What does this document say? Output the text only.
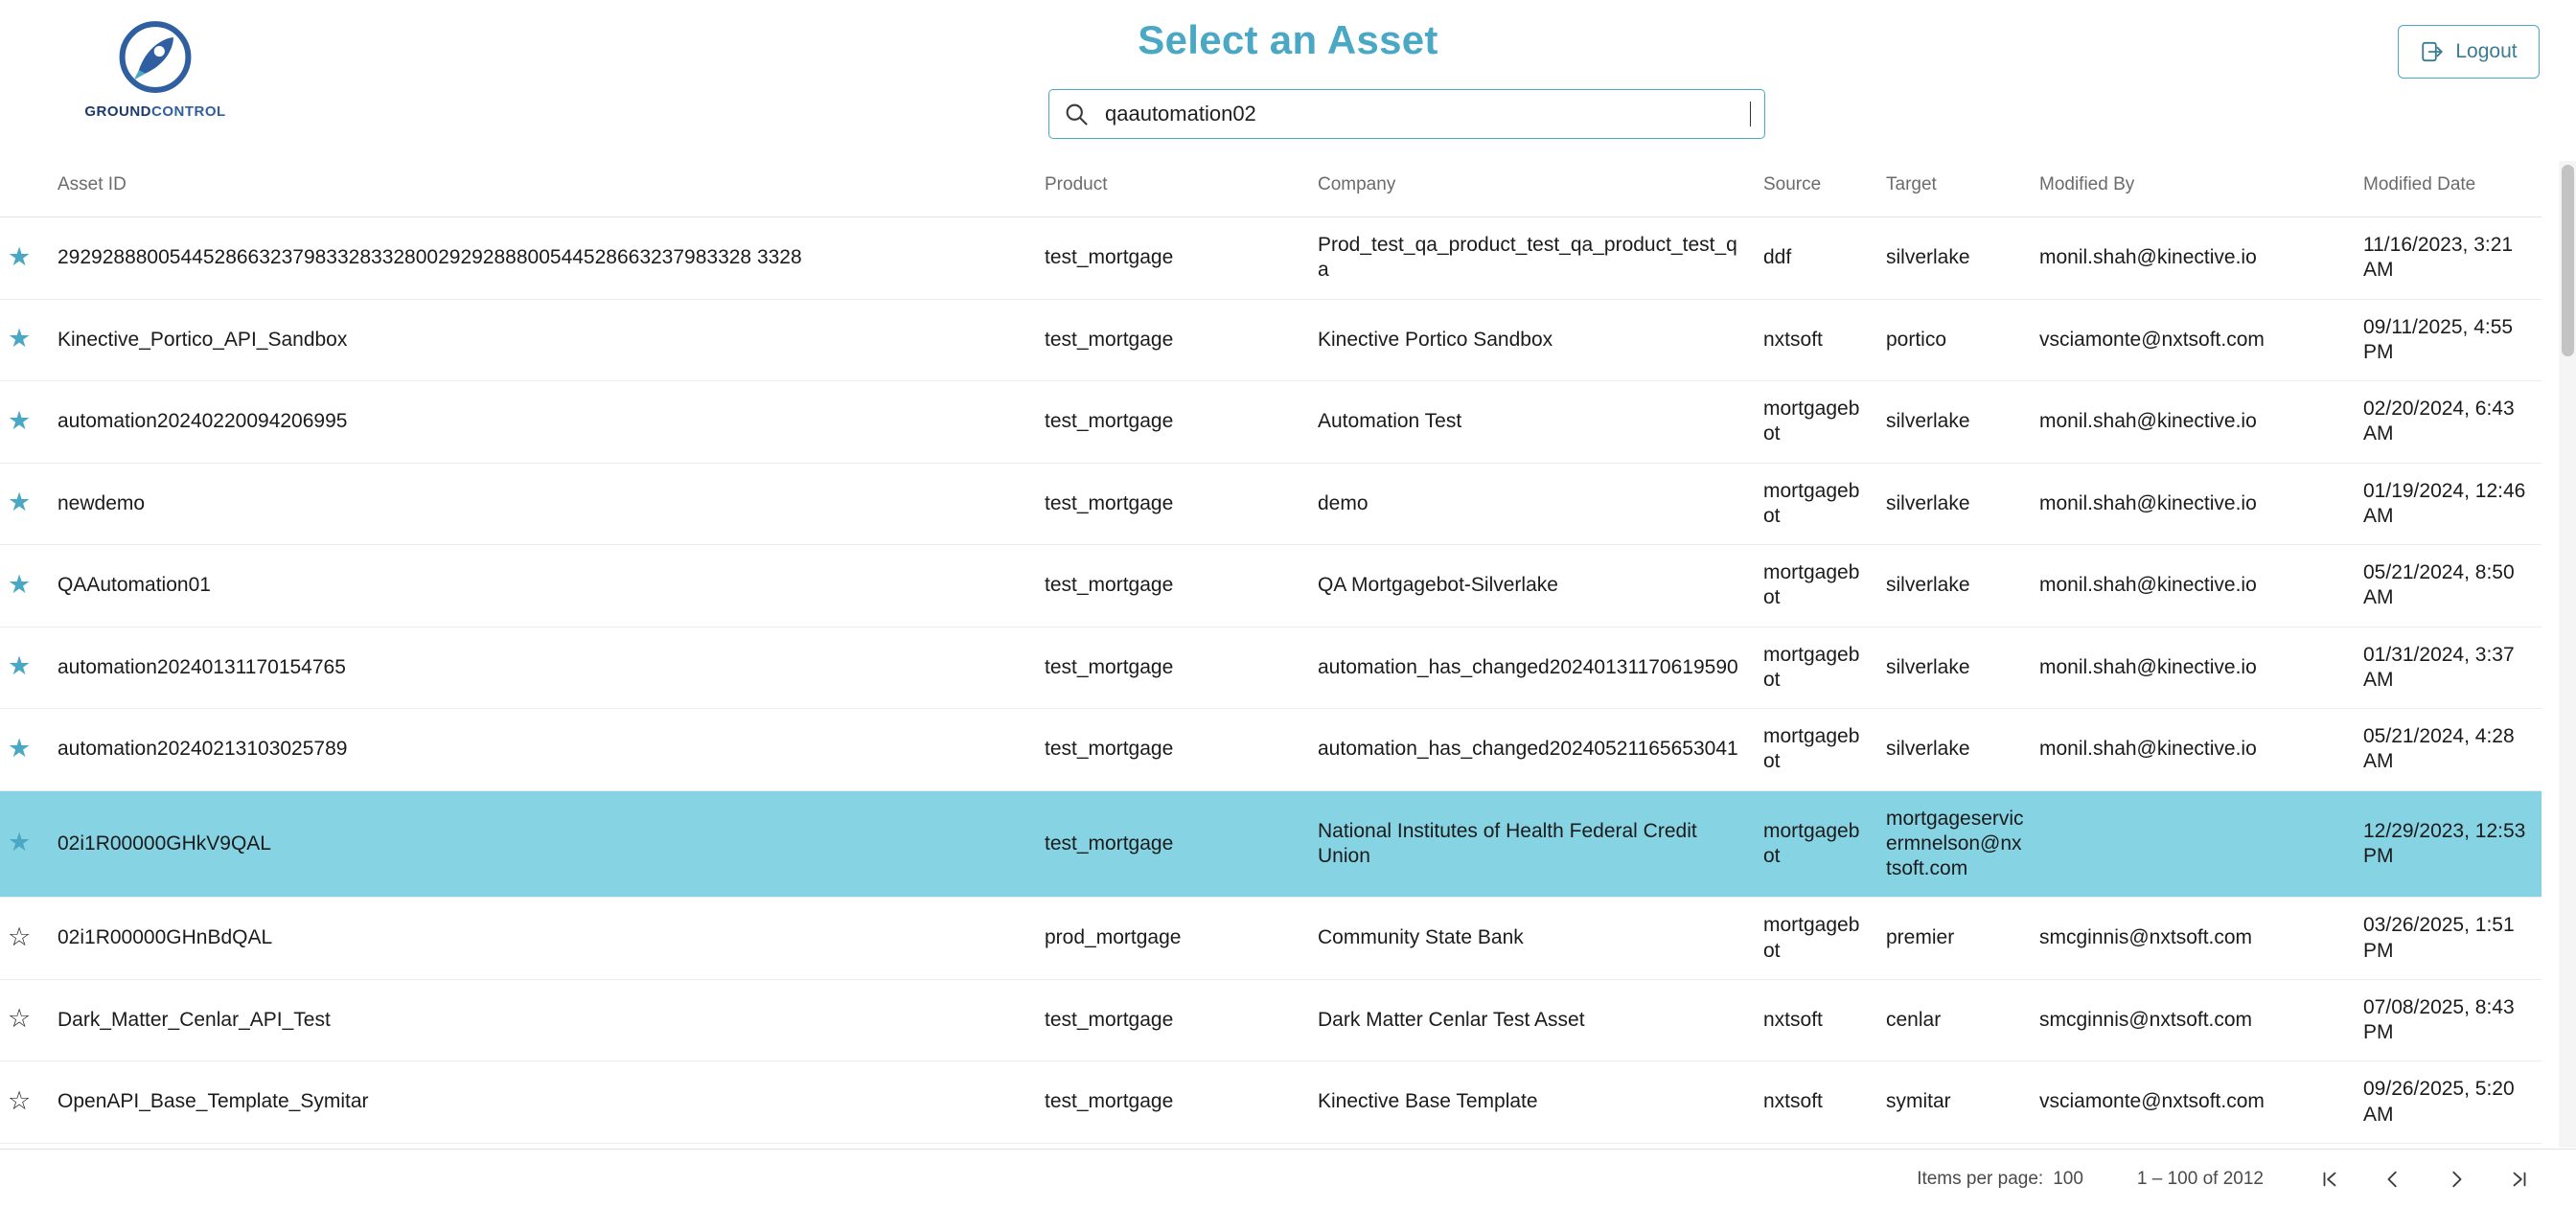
GROUNDCONTROL
Select an Asset
qaautomation02	Logout
	Asset ID	Product	Company	Source	Target	Modified By	Modified Date
★	29292888005445286632379833283328002929288800544528663237983328 3328	test_mortgage	Prod_test_qa_product_test_qa_product_test_qa	ddf	silverlake	monil.shah@kinective.io	11/16/2023, 3:21 AM
★	Kinective_Portico_API_Sandbox	test_mortgage	Kinective Portico Sandbox	nxtsoft	portico	vsciamonte@nxtsoft.com	09/11/2025, 4:55 PM
★	automation20240220094206995	test_mortgage	Automation Test	mortgagebot	silverlake	monil.shah@kinective.io	02/20/2024, 6:43 AM
★	newdemo	test_mortgage	demo	mortgagebot	silverlake	monil.shah@kinective.io	01/19/2024, 12:46 AM
★	QAAutomation01	test_mortgage	QA Mortgagebot-Silverlake	mortgagebot	silverlake	monil.shah@kinective.io	05/21/2024, 8:50 AM
★	automation20240131170154765	test_mortgage	automation_has_changed20240131170619590	mortgagebot	silverlake	monil.shah@kinective.io	01/31/2024, 3:37 AM
★	automation20240213103025789	test_mortgage	automation_has_changed20240521165653041	mortgagebot	silverlake	monil.shah@kinective.io	05/21/2024, 4:28 AM
★	02i1R00000GHkV9QAL	test_mortgage	National Institutes of Health Federal Credit Union	mortgagebot	mortgageservicermnelson@nxtsoft.com		12/29/2023, 12:53 PM
☆	02i1R00000GHnBdQAL	prod_mortgage	Community State Bank	mortgagebot	premier	smcginnis@nxtsoft.com	03/26/2025, 1:51 PM
☆	Dark_Matter_Cenlar_API_Test	test_mortgage	Dark Matter Cenlar Test Asset	nxtsoft	cenlar	smcginnis@nxtsoft.com	07/08/2025, 8:43 PM
☆	OpenAPI_Base_Template_Symitar	test_mortgage	Kinective Base Template	nxtsoft	symitar	vsciamonte@nxtsoft.com	09/26/2025, 5:20 AM

Items per page: 100	1 – 100 of 2012
